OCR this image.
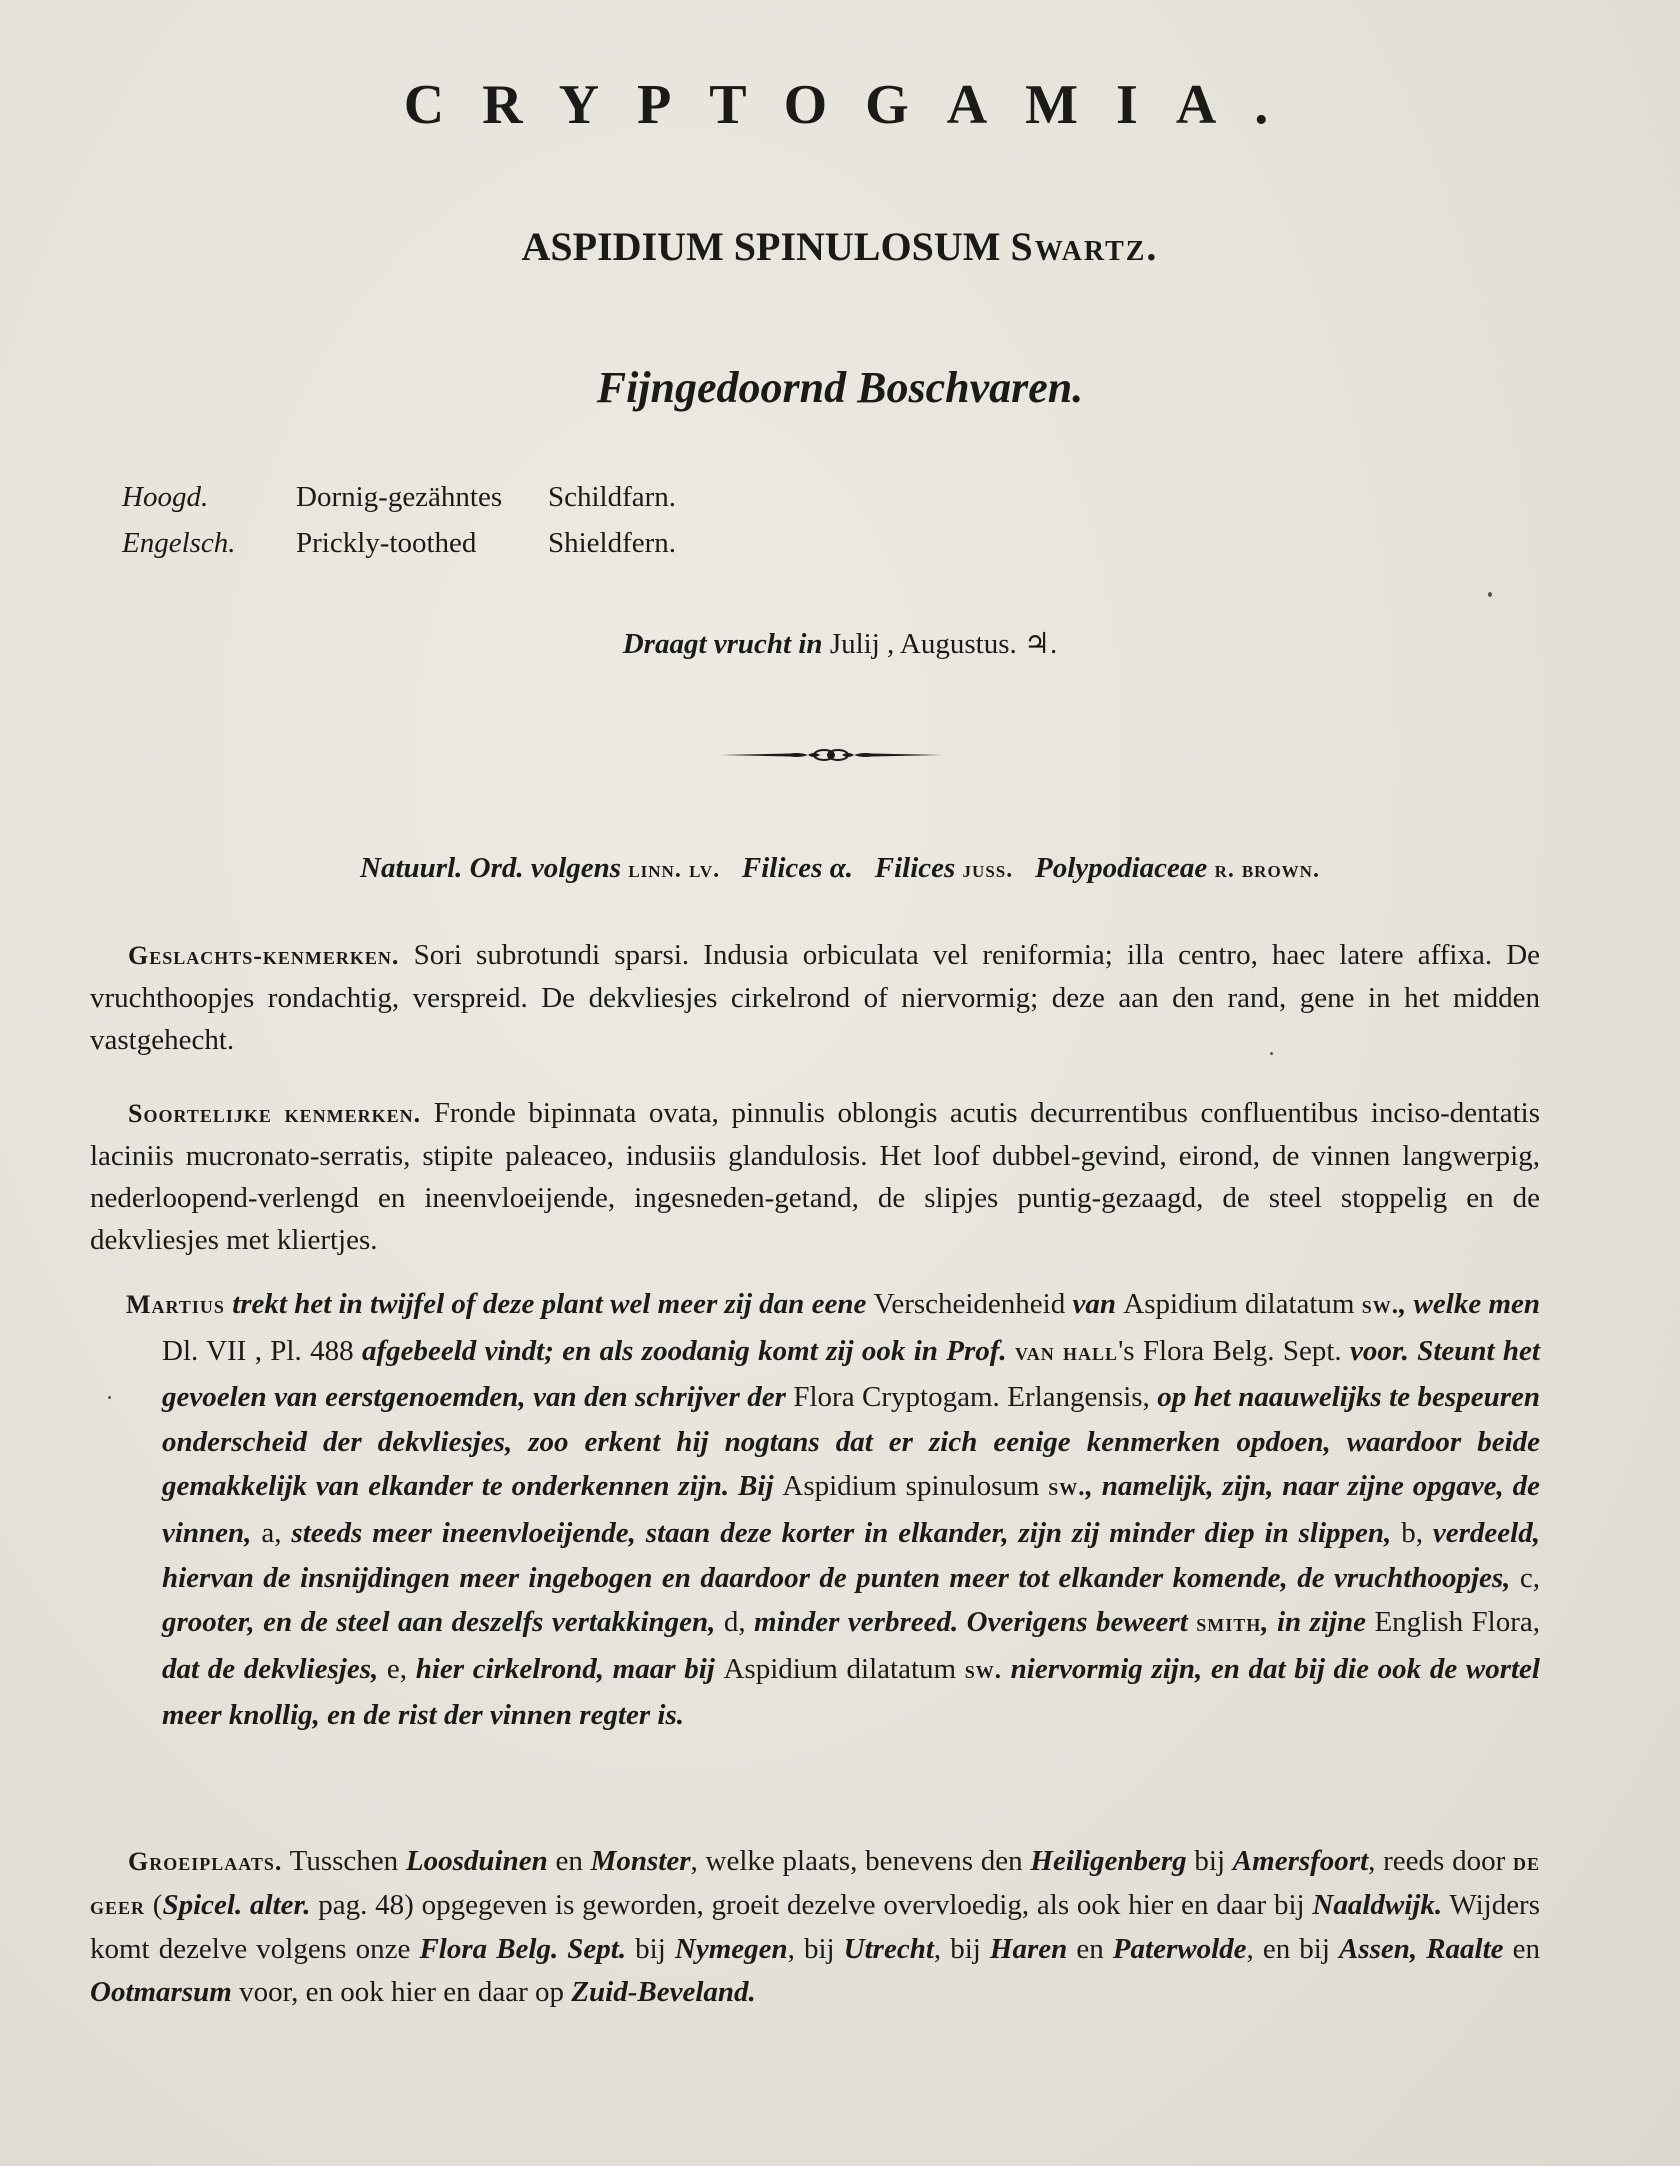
CRYPTOGAMIA.

ASPIDIUM SPINULOSUM Swartz.

Fijngedoornd Boschvaren.

Hoogd.	Dornig-gezähntes	Schildfarn.
Engelsch.	Prickly-toothed	Shieldfern.

Draagt vrucht in Julij , Augustus. ♃.

Natuurl. Ord. volgens linn. lv. Filices α. Filices juss. Polypodiaceae r. brown.

Geslachts-kenmerken. Sori subrotundi sparsi. Indusia orbiculata vel reniformia; illa centro, haec latere affixa. De vruchthoopjes rondachtig, verspreid. De dekvliesjes cirkelrond of niervormig; deze aan den rand, gene in het midden vastgehecht.

Soortelijke kenmerken. Fronde bipinnata ovata, pinnulis oblongis acutis decurrentibus confluentibus inciso-dentatis laciniis mucronato-serratis, stipite paleaceo, indusiis glandulosis. Het loof dubbel-gevind, eirond, de vinnen langwerpig, nederloopend-verlengd en ineenvloeijende, ingesneden-getand, de slipjes puntig-gezaagd, de steel stoppelig en de dekvliesjes met kliertjes.

Martius trekt het in twijfel of deze plant wel meer zij dan eene Verscheidenheid van Aspidium dilatatum sw., welke men Dl. VII , Pl. 488 afgebeeld vindt; en als zoodanig komt zij ook in Prof. van hall's Flora Belg. Sept. voor. Steunt het gevoelen van eerstgenoemden, van den schrijver der Flora Cryptogam. Erlangensis, op het naauwelijks te bespeuren onderscheid der dekvliesjes, zoo erkent hij nogtans dat er zich eenige kenmerken opdoen, waardoor beide gemakkelijk van elkander te onderkennen zijn. Bij Aspidium spinulosum sw., namelijk, zijn, naar zijne opgave, de vinnen, a, steeds meer ineenvloeijende, staan deze korter in elkander, zijn zij minder diep in slippen, b, verdeeld, hiervan de insnijdingen meer ingebogen en daardoor de punten meer tot elkander komende, de vruchthoopjes, c, grooter, en de steel aan deszelfs vertakkingen, d, minder verbreed. Overigens beweert smith, in zijne English Flora, dat de dekvliesjes, e, hier cirkelrond, maar bij Aspidium dilatatum sw. niervormig zijn, en dat bij die ook de wortel meer knollig, en de rist der vinnen regter is.

Groeiplaats. Tusschen Loosduinen en Monster, welke plaats, benevens den Heiligenberg bij Amersfoort, reeds door de geer (Spicel. alter. pag. 48) opgegeven is geworden, groeit dezelve overvloedig, als ook hier en daar bij Naaldwijk. Wijders komt dezelve volgens onze Flora Belg. Sept. bij Nymegen, bij Utrecht, bij Haren en Paterwolde, en bij Assen, Raalte en Ootmarsum voor, en ook hier en daar op Zuid-Beveland.
